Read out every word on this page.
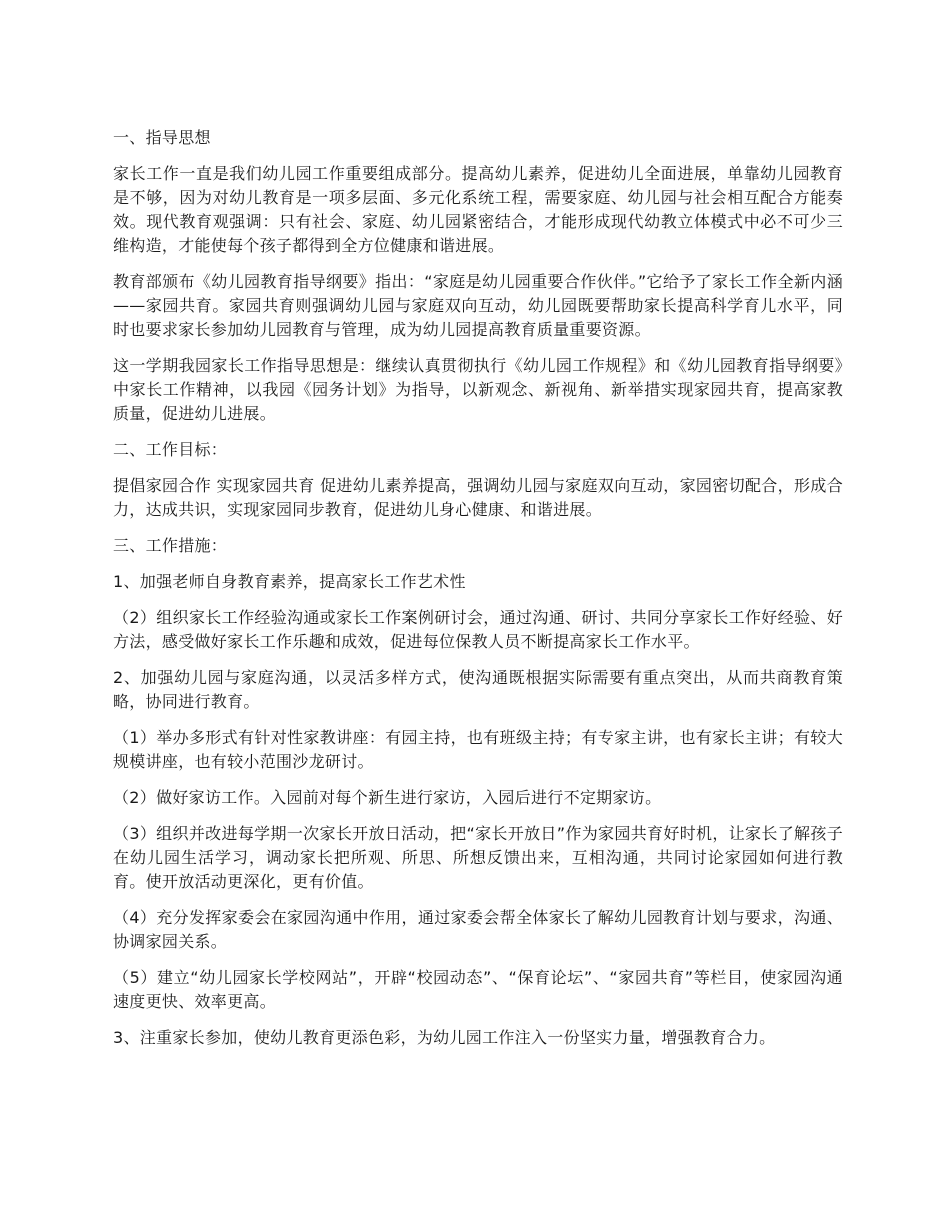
一、指导思想

家长工作一直是我们幼儿园工作重要组成部分。提高幼儿素养，促进幼儿全面进展，单靠幼儿园教育是不够，因为对幼儿教育是一项多层面、多元化系统工程，需要家庭、幼儿园与社会相互配合方能奏效。现代教育观强调：只有社会、家庭、幼儿园紧密结合，才能形成现代幼教立体模式中必不可少三维构造，才能使每个孩子都得到全方位健康和谐进展。

教育部颁布《幼儿园教育指导纲要》指出：“家庭是幼儿园重要合作伙伴。”它给予了家长工作全新内涵——家园共育。家园共育则强调幼儿园与家庭双向互动，幼儿园既要帮助家长提高科学育儿水平，同时也要求家长参加幼儿园教育与管理，成为幼儿园提高教育质量重要资源。

这一学期我园家长工作指导思想是：继续认真贯彻执行《幼儿园工作规程》和《幼儿园教育指导纲要》中家长工作精神，以我园《园务计划》为指导，以新观念、新视角、新举措实现家园共育，提高家教质量，促进幼儿进展。

二、工作目标：

提倡家园合作 实现家园共育 促进幼儿素养提高，强调幼儿园与家庭双向互动，家园密切配合，形成合力，达成共识，实现家园同步教育，促进幼儿身心健康、和谐进展。

三、工作措施：

1、加强老师自身教育素养，提高家长工作艺术性

（2）组织家长工作经验沟通或家长工作案例研讨会，通过沟通、研讨、共同分享家长工作好经验、好方法，感受做好家长工作乐趣和成效，促进每位保教人员不断提高家长工作水平。

2、加强幼儿园与家庭沟通，以灵活多样方式，使沟通既根据实际需要有重点突出，从而共商教育策略，协同进行教育。

（1）举办多形式有针对性家教讲座：有园主持，也有班级主持；有专家主讲，也有家长主讲；有较大规模讲座，也有较小范围沙龙研讨。

（2）做好家访工作。入园前对每个新生进行家访，入园后进行不定期家访。

（3）组织并改进每学期一次家长开放日活动，把“家长开放日”作为家园共育好时机，让家长了解孩子在幼儿园生活学习，调动家长把所观、所思、所想反馈出来，互相沟通，共同讨论家园如何进行教育。使开放活动更深化，更有价值。

（4）充分发挥家委会在家园沟通中作用，通过家委会帮全体家长了解幼儿园教育计划与要求，沟通、协调家园关系。

（5）建立“幼儿园家长学校网站”，开辟“校园动态”、“保育论坛”、“家园共育”等栏目，使家园沟通速度更快、效率更高。

3、注重家长参加，使幼儿教育更添色彩，为幼儿园工作注入一份坚实力量，增强教育合力。
